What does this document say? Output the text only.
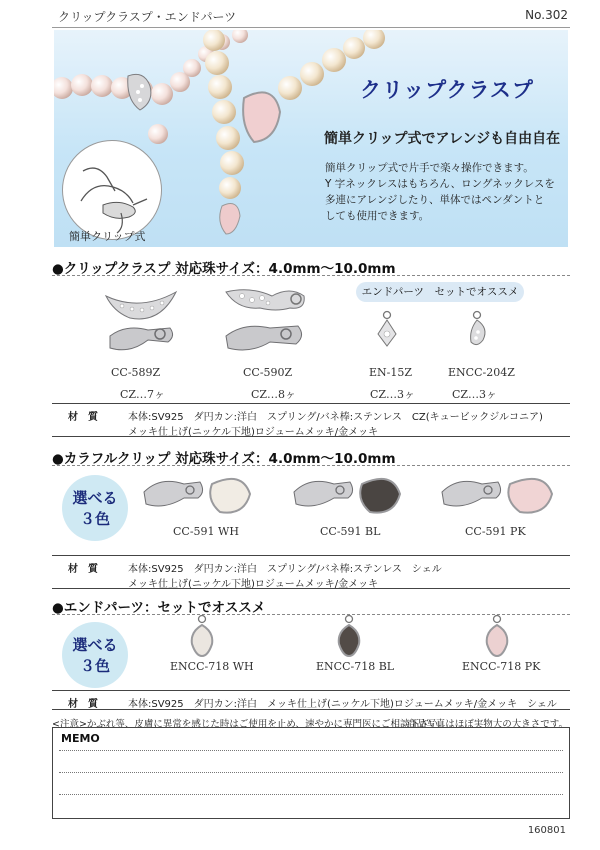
クリップクラスプ・エンドパーツ	No.302
簡単クリップ式
クリップクラスプ
簡単クリップ式でアレンジも自由自在
簡単クリップ式で片手で楽々操作できます。
Y 字ネックレスはもちろん、ロングネックレスを
多連にアレンジしたり、単体ではペンダントと
しても使用できます。
●クリップクラスプ 対応珠サイズ：4.0mm〜10.0mm
エンドパーツ　セットでオススメ
CC-589Z
CZ…7ヶ
CC-590Z
CZ…8ヶ
EN-15Z
CZ…3ヶ
ENCC-204Z
CZ…3ヶ
材質 本体:SV925　ダ円カン:洋白　スプリング/バネ棒:ステンレス　CZ(キュービックジルコニア)
メッキ仕上げ(ニッケル下地)ロジュームメッキ/金メッキ
●カラフルクリップ 対応珠サイズ：4.0mm〜10.0mm
選べる
３色
CC-591 WH	CC-591 BL	CC-591 PK
材質 本体:SV925　ダ円カン:洋白　スプリング/バネ棒:ステンレス　シェル
メッキ仕上げ(ニッケル下地)ロジュームメッキ/金メッキ
●エンドパーツ：セットでオススメ
選べる
３色	ENCC-718 WH	ENCC-718 BL	ENCC-718 PK
材質 本体:SV925　ダ円カン:洋白　メッキ仕上げ(ニッケル下地)ロジュームメッキ/金メッキ　シェル
<注意>かぶれ等、皮膚に異常を感じた時はご使用を止め、速やかに専門医にご相談下さい。
商品写真はほぼ実物大の大きさです。
MEMO
160801
